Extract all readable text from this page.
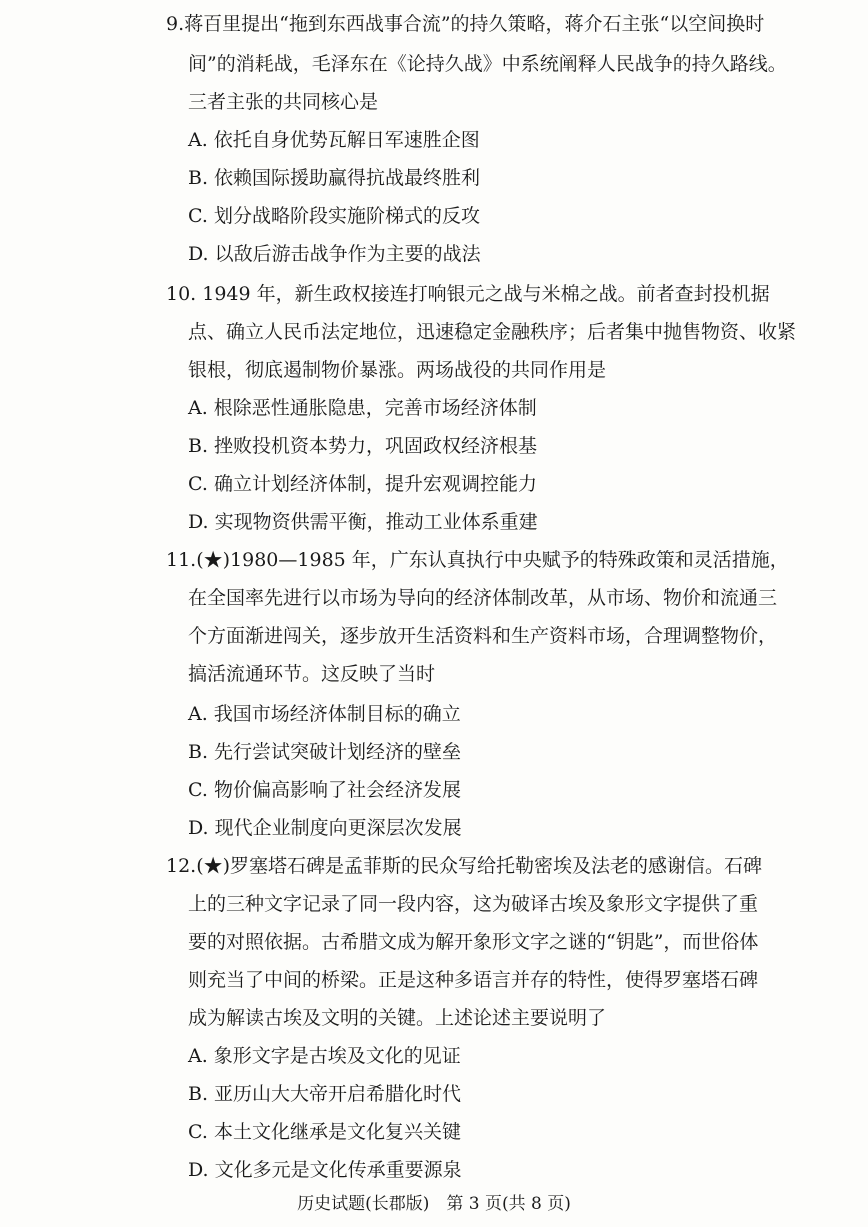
9.蒋百里提出“拖到东西战事合流”的持久策略，蒋介石主张“以空间换时
间”的消耗战，毛泽东在《论持久战》中系统阐释人民战争的持久路线。
三者主张的共同核心是
A. 依托自身优势瓦解日军速胜企图
B. 依赖国际援助赢得抗战最终胜利
C. 划分战略阶段实施阶梯式的反攻
D. 以敌后游击战争作为主要的战法
10. 1949 年，新生政权接连打响银元之战与米棉之战。前者查封投机据
点、确立人民币法定地位，迅速稳定金融秩序；后者集中抛售物资、收紧
银根，彻底遏制物价暴涨。两场战役的共同作用是
A. 根除恶性通胀隐患，完善市场经济体制
B. 挫败投机资本势力，巩固政权经济根基
C. 确立计划经济体制，提升宏观调控能力
D. 实现物资供需平衡，推动工业体系重建
11.(★)1980—1985 年，广东认真执行中央赋予的特殊政策和灵活措施，
在全国率先进行以市场为导向的经济体制改革，从市场、物价和流通三
个方面渐进闯关，逐步放开生活资料和生产资料市场，合理调整物价，
搞活流通环节。这反映了当时
A. 我国市场经济体制目标的确立
B. 先行尝试突破计划经济的壁垒
C. 物价偏高影响了社会经济发展
D. 现代企业制度向更深层次发展
12.(★)罗塞塔石碑是孟菲斯的民众写给托勒密埃及法老的感谢信。石碑
上的三种文字记录了同一段内容，这为破译古埃及象形文字提供了重
要的对照依据。古希腊文成为解开象形文字之谜的“钥匙”，而世俗体
则充当了中间的桥梁。正是这种多语言并存的特性，使得罗塞塔石碑
成为解读古埃及文明的关键。上述论述主要说明了
A. 象形文字是古埃及文化的见证
B. 亚历山大大帝开启希腊化时代
C. 本土文化继承是文化复兴关键
D. 文化多元是文化传承重要源泉
历史试题(长郡版)　第 3 页(共 8 页)
